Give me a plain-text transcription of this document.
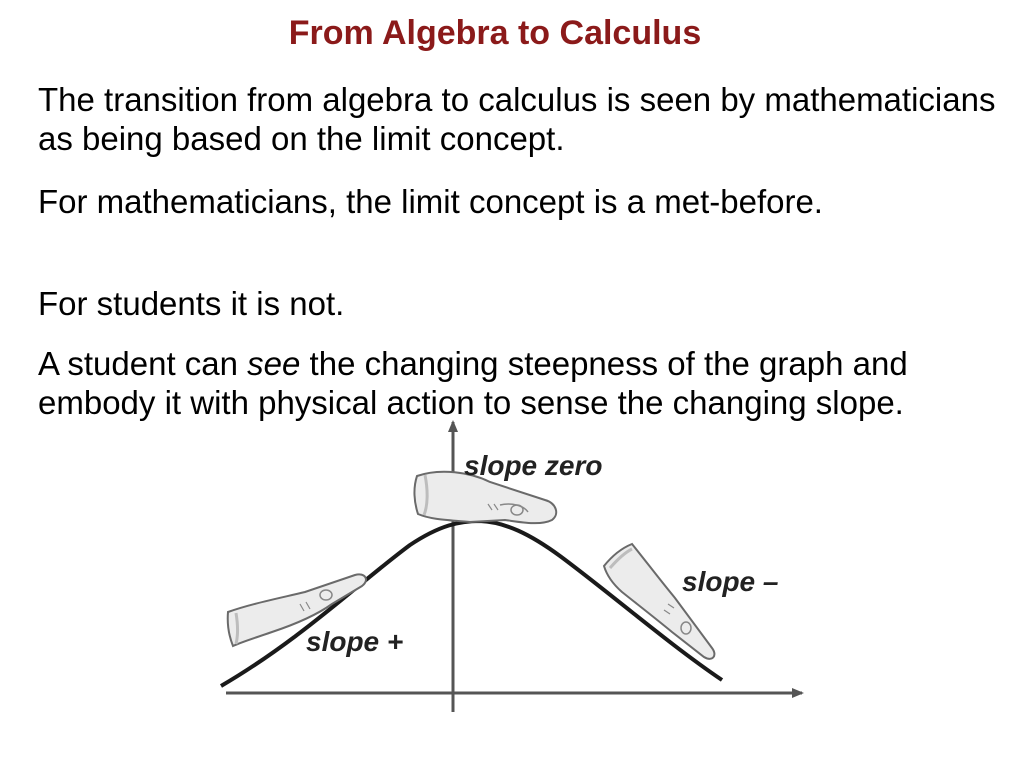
From Algebra to Calculus

The transition from algebra to calculus is seen by mathematicians as being based on the limit concept.

For mathematicians, the limit concept is a met-before.

For students it is not.

A student can see the changing steepness of the graph and embody it with physical action to sense the changing slope.

slope zero
slope –
slope +
